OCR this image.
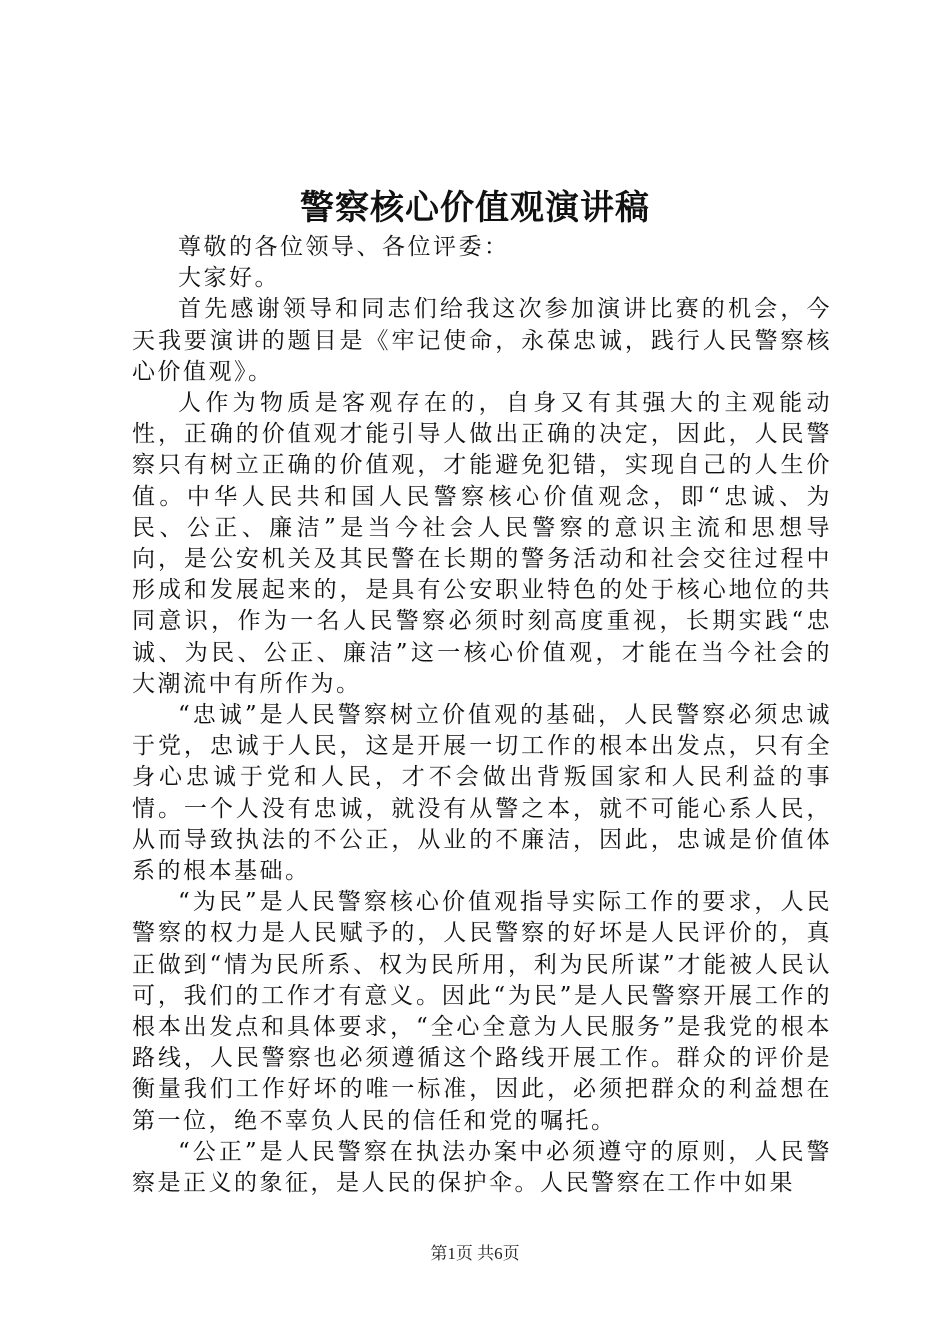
警察核心价值观演讲稿

尊敬的各位领导、各位评委：

大家好。

首先感谢领导和同志们给我这次参加演讲比赛的机会，今天我要演讲的题目是《牢记使命，永葆忠诚，践行人民警察核心价值观》。

人作为物质是客观存在的，自身又有其强大的主观能动性，正确的价值观才能引导人做出正确的决定，因此，人民警察只有树立正确的价值观，才能避免犯错，实现自己的人生价值。中华人民共和国人民警察核心价值观念，即“忠诚、为民、公正、廉洁”是当今社会人民警察的意识主流和思想导向，是公安机关及其民警在长期的警务活动和社会交往过程中形成和发展起来的，是具有公安职业特色的处于核心地位的共同意识，作为一名人民警察必须时刻高度重视，长期实践“忠诚、为民、公正、廉洁”这一核心价值观，才能在当今社会的大潮流中有所作为。

“忠诚”是人民警察树立价值观的基础，人民警察必须忠诚于党，忠诚于人民，这是开展一切工作的根本出发点，只有全身心忠诚于党和人民，才不会做出背叛国家和人民利益的事情。一个人没有忠诚，就没有从警之本，就不可能心系人民，从而导致执法的不公正，从业的不廉洁，因此，忠诚是价值体系的根本基础。

“为民”是人民警察核心价值观指导实际工作的要求，人民警察的权力是人民赋予的，人民警察的好坏是人民评价的，真正做到“情为民所系、权为民所用，利为民所谋”才能被人民认可，我们的工作才有意义。因此“为民”是人民警察开展工作的根本出发点和具体要求，“全心全意为人民服务”是我党的根本路线，人民警察也必须遵循这个路线开展工作。群众的评价是衡量我们工作好坏的唯一标准，因此，必须把群众的利益想在第一位，绝不辜负人民的信任和党的嘱托。

“公正”是人民警察在执法办案中必须遵守的原则，人民警察是正义的象征，是人民的保护伞。人民警察在工作中如果

第1页 共6页
